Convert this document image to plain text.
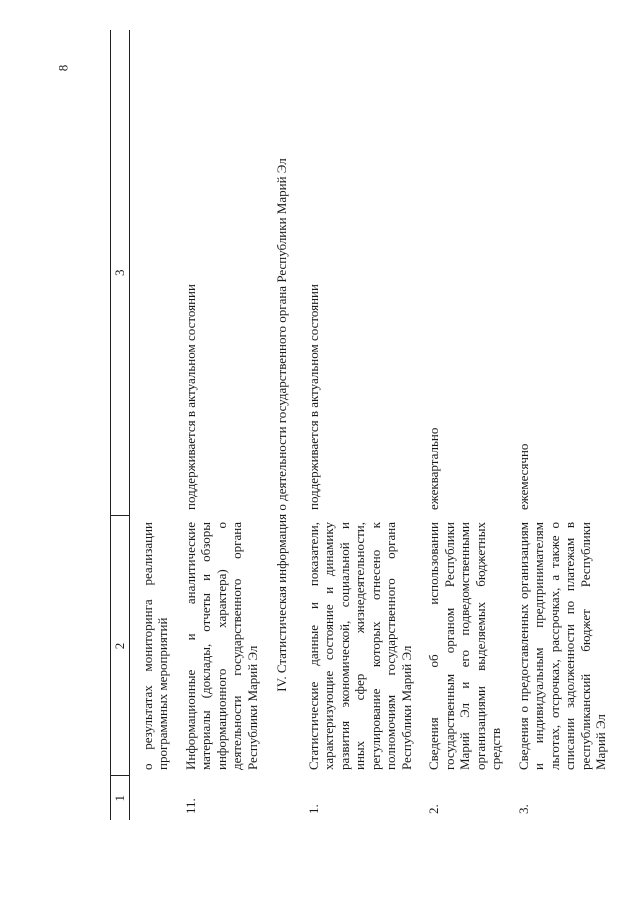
8
1	2	3
	о результатах мониторинга реализации программных мероприятий	
11.	Информационные и аналитические материалы (доклады, отчеты и обзоры информационного характера) о деятельности государственного органа Республики Марий Эл	поддерживается в актуальном состоянии
IV. Статистическая информация о деятельности государственного органа Республики Марий Эл		
1.	Статистические данные и показатели, характеризующие состояние и динамику развития экономической, социальной и иных сфер жизнедеятельности, регулирование которых отнесено к полномочиям государственного органа Республики Марий Эл	поддерживается в актуальном состоянии
2.	Сведения об использовании государственным органом Республики Марий Эл и его подведомственными организациями выделяемых бюджетных средств	ежеквартально
3.	Сведения о предоставленных организациям и индивидуальным предпринимателям льготах, отсрочках, рассрочках, а также о списании задолженности по платежам в республиканский бюджет Республики Марий Эл	ежемесячно
